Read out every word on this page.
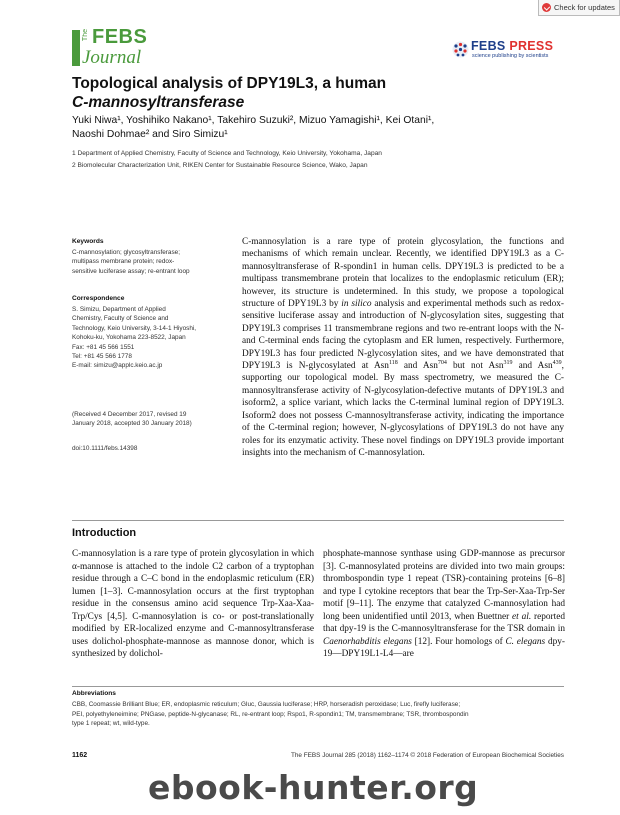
Check for updates
The FEBS
Journal
FEBS PRESS
science publishing by scientists
Topological analysis of DPY19L3, a human
C-mannosyltransferase
Yuki Niwa¹, Yoshihiko Nakano¹, Takehiro Suzuki², Mizuo Yamagishi¹, Kei Otani¹,
Naoshi Dohmae² and Siro Simizu¹
1 Department of Applied Chemistry, Faculty of Science and Technology, Keio University, Yokohama, Japan
2 Biomolecular Characterization Unit, RIKEN Center for Sustainable Resource Science, Wako, Japan
Keywords
C-mannosylation; glycosyltransferase;
multipass membrane protein; redox-
sensitive luciferase assay; re-entrant loop
Correspondence
S. Simizu, Department of Applied
Chemistry, Faculty of Science and
Technology, Keio University, 3-14-1 Hiyoshi,
Kohoku-ku, Yokohama 223-8522, Japan
Fax: +81 45 566 1551
Tel: +81 45 566 1778
E-mail: simizu@applc.keio.ac.jp
(Received 4 December 2017, revised 19
January 2018, accepted 30 January 2018)
doi:10.1111/febs.14398
C-mannosylation is a rare type of protein glycosylation, the functions and mechanisms of which remain unclear. Recently, we identified DPY19L3 as a C-mannosyltransferase of R-spondin1 in human cells. DPY19L3 is predicted to be a multipass transmembrane protein that localizes to the endoplasmic reticulum (ER); however, its structure is undetermined. In this study, we propose a topological structure of DPY19L3 by in silico analysis and experimental methods such as redox-sensitive luciferase assay and introduction of N-glycosylation sites, suggesting that DPY19L3 comprises 11 transmembrane regions and two re-entrant loops with the N- and C-terminal ends facing the cytoplasm and ER lumen, respectively. Furthermore, DPY19L3 has four predicted N-glycosylation sites, and we have demonstrated that DPY19L3 is N-glycosylated at Asn$^{118}$ and Asn$^{704}$ but not Asn$^{319}$ and Asn$^{439}$, supporting our topological model. By mass spectrometry, we measured the C-mannosyltransferase activity of N-glycosylation-defective mutants of DPY19L3 and isoform2, a splice variant, which lacks the C-terminal luminal region of DPY19L3. Isoform2 does not possess C-mannosyltransferase activity, indicating the importance of the C-terminal region; however, N-glycosylations of DPY19L3 do not have any roles for its enzymatic activity. These novel findings on DPY19L3 provide important insights into the mechanism of C-mannosylation.
Introduction
C-mannosylation is a rare type of protein glycosylation in which α-mannose is attached to the indole C2 carbon of a tryptophan residue through a C–C bond in the endoplasmic reticulum (ER) lumen [1–3]. C-mannosylation occurs at the first tryptophan residue in the consensus amino acid sequence Trp-Xaa-Xaa-Trp/Cys [4,5]. C-mannosylation is co- or post-translationally modified by ER-localized enzyme and C-mannosyltransferase uses dolichol-phosphate-mannose as mannose donor, which is synthesized by dolichol-
phosphate-mannose synthase using GDP-mannose as precursor [3]. C-mannosylated proteins are divided into two main groups: thrombospondin type 1 repeat (TSR)-containing proteins [6–8] and type I cytokine receptors that bear the Trp-Ser-Xaa-Trp-Ser motif [9–11]. The enzyme that catalyzed C-mannosylation had long been unidentified until 2013, when Buettner et al. reported that dpy-19 is the C-mannosyltransferase for the TSR domain in Caenorhabditis elegans [12]. Four homologs of C. elegans dpy-19—DPY19L1-L4—are
Abbreviations
CBB, Coomassie Brilliant Blue; ER, endoplasmic reticulum; Gluc, Gaussia luciferase; HRP, horseradish peroxidase; Luc, firefly luciferase;
PEI, polyethyleneimine; PNGase, peptide-N-glycanase; RL, re-entrant loop; Rspo1, R-spondin1; TM, transmembrane; TSR, thrombospondin
type 1 repeat; wt, wild-type.
1162	The FEBS Journal 285 (2018) 1162–1174 © 2018 Federation of European Biochemical Societies
ebook-hunter.org
